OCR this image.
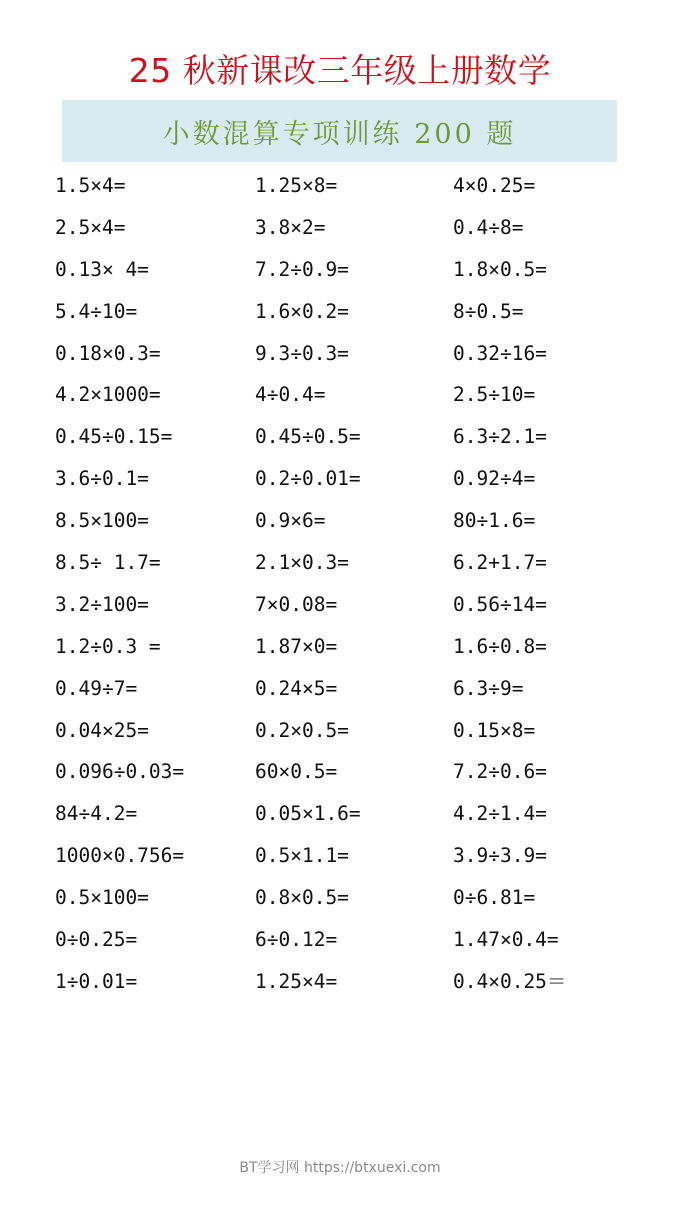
25 秋新课改三年级上册数学
小数混算专项训练 200 题
1.5×4=	1.25×8=	4×0.25=
2.5×4=	3.8×2=	0.4÷8=
0.13× 4=	7.2÷0.9=	1.8×0.5=
5.4÷10=	1.6×0.2=	8÷0.5=
0.18×0.3=	9.3÷0.3=	0.32÷16=
4.2×1000=	4÷0.4=	2.5÷10=
0.45÷0.15=	0.45÷0.5=	6.3÷2.1=
3.6÷0.1=	0.2÷0.01=	0.92÷4=
8.5×100=	0.9×6=	80÷1.6=
8.5÷ 1.7=	2.1×0.3=	6.2+1.7=
3.2÷100=	7×0.08=	0.56÷14=
1.2÷0.3 =	1.87×0=	1.6÷0.8=
0.49÷7=	0.24×5=	6.3÷9=
0.04×25=	0.2×0.5=	0.15×8=
0.096÷0.03=	60×0.5=	7.2÷0.6=
84÷4.2=	0.05×1.6=	4.2÷1.4=
1000×0.756=	0.5×1.1=	3.9÷3.9=
0.5×100=	0.8×0.5=	0÷6.81=
0÷0.25=	6÷0.12=	1.47×0.4=
1÷0.01=	1.25×4=	0.4×0.25＝
BT学习网 https://btxuexi.com
